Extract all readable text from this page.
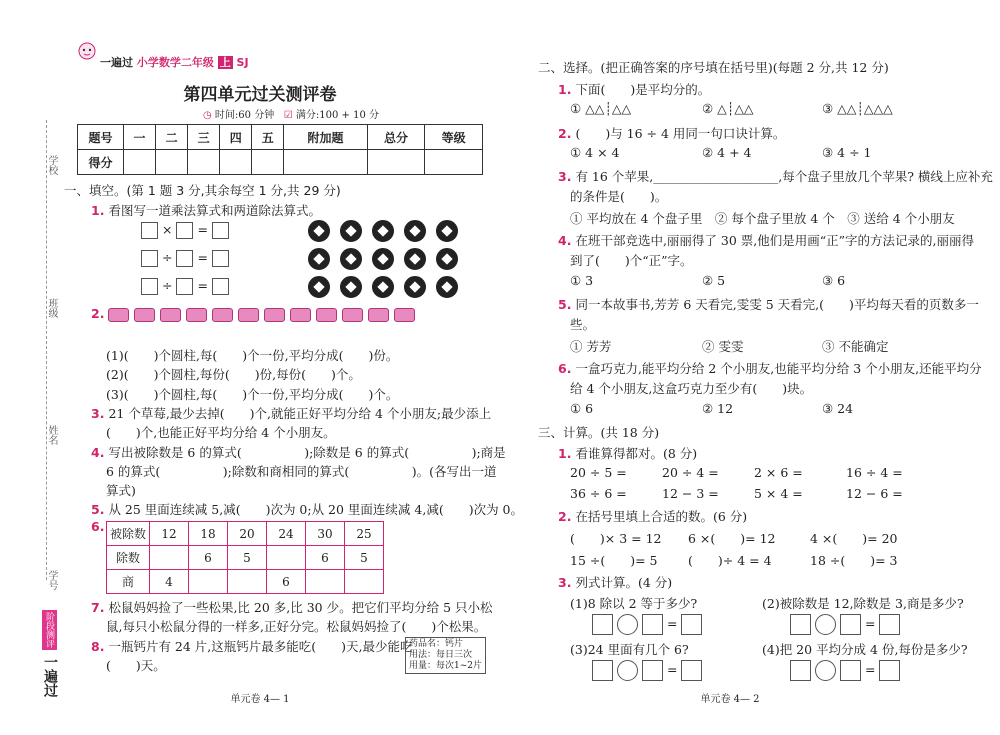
学校
班级
姓名
学号
阶段测评
一遍过
一遍过 小学数学二年级 上 SJ
第四单元过关测评卷
◷ 时间:60 分钟 ☑ 满分:100 + 10 分
题号	一	二	三	四	五	附加题	总分	等级
得分								
一、填空。(第 1 题 3 分,其余每空 1 分,共 29 分)
1. 看图写一道乘法算式和两道除法算式。
× =
÷ =
÷ =
2.
(1)(　　)个圆柱,每(　　)个一份,平均分成(　　)份。
(2)(　　)个圆柱,每份(　　)份,每份(　　)个。
(3)(　　)个圆柱,每(　　)个一份,平均分成(　　)个。
3. 21 个草莓,最少去掉(　　)个,就能正好平均分给 4 个小朋友;最少添上
(　　)个,也能正好平均分给 4 个小朋友。
4. 写出被除数是 6 的算式(　　　　　);除数是 6 的算式(　　　　　);商是
6 的算式(　　　　　);除数和商相同的算式(　　　　　)。(各写出一道
算式)
5. 从 25 里面连续减 5,减(　　)次为 0;从 20 里面连续减 4,减(　　)次为 0。
6. 被除数	12	18	20	24	30	25
除数		6	5		6	5
商	4			6		
7. 松鼠妈妈捡了一些松果,比 20 多,比 30 少。把它们平均分给 5 只小松
鼠,每只小松鼠分得的一样多,正好分完。松鼠妈妈捡了(　　)个松果。
8. 一瓶钙片有 24 片,这瓶钙片最多能吃(　　)天,最少能吃
(　　)天。
药品名：钙片
用法：每日三次
用量：每次1~2片
单元卷 4— 1
二、选择。(把正确答案的序号填在括号里)(每题 2 分,共 12 分)
1. 下面(　　)是平均分的。
① △△┊△△	② △┊△△	③ △△┊△△△
2. (　　)与 16 ÷ 4 用同一句口诀计算。
① 4 × 4	② 4 + 4	③ 4 ÷ 1
3. 有 16 个苹果,____________________,每个盘子里放几个苹果? 横线上应补充
的条件是(　　)。
① 平均放在 4 个盘子里　② 每个盘子里放 4 个　③ 送给 4 个小朋友
4. 在班干部竞选中,丽丽得了 30 票,他们是用画“正”字的方法记录的,丽丽得
到了(　　)个“正”字。
① 3	② 5	③ 6
5. 同一本故事书,芳芳 6 天看完,雯雯 5 天看完,(　　)平均每天看的页数多一
些。
① 芳芳	② 雯雯	③ 不能确定
6. 一盒巧克力,能平均分给 2 个小朋友,也能平均分给 3 个小朋友,还能平均分
给 4 个小朋友,这盒巧克力至少有(　　)块。
① 6	② 12	③ 24
三、计算。(共 18 分)
1. 看谁算得都对。(8 分)
20 ÷ 5 =	20 ÷ 4 =	2 × 6 =	16 ÷ 4 =
36 ÷ 6 =	12 − 3 =	5 × 4 =	12 − 6 =
2. 在括号里填上合适的数。(6 分)
(　　)× 3 = 12 6 ×(　　)= 12	4 ×(　　)= 20
15 ÷(　　)= 5 (　　)÷ 4 = 4	18 ÷(　　)= 3
3. 列式计算。(4 分)
(1)8 除以 2 等于多少?	(2)被除数是 12,除数是 3,商是多少?
=	=
(3)24 里面有几个 6?	(4)把 20 平均分成 4 份,每份是多少?
=	=
单元卷 4— 2
